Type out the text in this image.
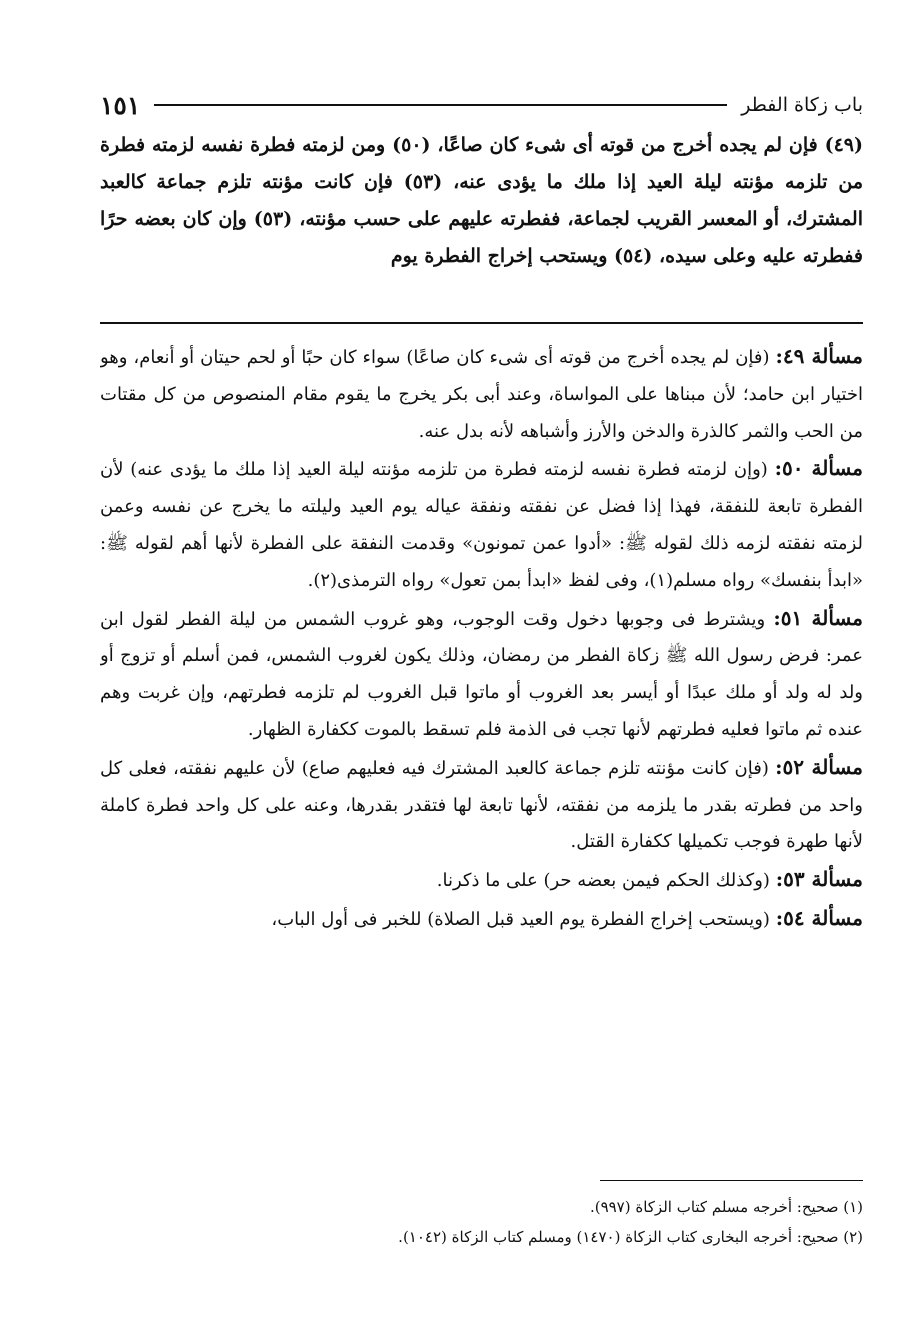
باب زكاة الفطر
١٥١
(٤٩) فإن لم يجده أخرج من قوته أى شىء كان صاعًا، (٥٠) ومن لزمته فطرة نفسه لزمته فطرة من تلزمه مؤنته ليلة العيد إذا ملك ما يؤدى عنه، (٥٣) فإن كانت مؤنته تلزم جماعة كالعبد المشترك، أو المعسر القريب لجماعة، ففطرته عليهم على حسب مؤنته، (٥٣) وإن كان بعضه حرًا ففطرته عليه وعلى سيده، (٥٤) ويستحب إخراج الفطرة يوم

مسألة ٤٩: (فإن لم يجده أخرج من قوته أى شىء كان صاعًا) سواء كان حبًا أو لحم حيتان أو أنعام، وهو اختيار ابن حامد؛ لأن مبناها على المواساة، وعند أبى بكر يخرج ما يقوم مقام المنصوص من كل مقتات من الحب والثمر كالذرة والدخن والأرز وأشباهه لأنه بدل عنه.

مسألة ٥٠: (وإن لزمته فطرة نفسه لزمته فطرة من تلزمه مؤنته ليلة العيد إذا ملك ما يؤدى عنه) لأن الفطرة تابعة للنفقة، فهذا إذا فضل عن نفقته ونفقة عياله يوم العيد وليلته ما يخرج عن نفسه وعمن لزمته نفقته لزمه ذلك لقوله ﷺ: «أدوا عمن تمونون» وقدمت النفقة على الفطرة لأنها أهم لقوله ﷺ: «ابدأ بنفسك» رواه مسلم(١)، وفى لفظ «ابدأ بمن تعول» رواه الترمذى(٢).

مسألة ٥١: ويشترط فى وجوبها دخول وقت الوجوب، وهو غروب الشمس من ليلة الفطر لقول ابن عمر: فرض رسول الله ﷺ زكاة الفطر من رمضان، وذلك يكون لغروب الشمس، فمن أسلم أو تزوج أو ولد له ولد أو ملك عبدًا أو أيسر بعد الغروب أو ماتوا قبل الغروب لم تلزمه فطرتهم، وإن غربت وهم عنده ثم ماتوا فعليه فطرتهم لأنها تجب فى الذمة فلم تسقط بالموت ككفارة الظهار.

مسألة ٥٢: (فإن كانت مؤنته تلزم جماعة كالعبد المشترك فيه فعليهم صاع) لأن عليهم نفقته، فعلى كل واحد من فطرته بقدر ما يلزمه من نفقته، لأنها تابعة لها فتقدر بقدرها، وعنه على كل واحد فطرة كاملة لأنها طهرة فوجب تكميلها ككفارة القتل.

مسألة ٥٣: (وكذلك الحكم فيمن بعضه حر) على ما ذكرنا.

مسألة ٥٤: (ويستحب إخراج الفطرة يوم العيد قبل الصلاة) للخبر فى أول الباب،

(١) صحيح: أخرجه مسلم كتاب الزكاة (٩٩٧).

(٢) صحيح: أخرجه البخارى كتاب الزكاة (١٤٧٠) ومسلم كتاب الزكاة (١٠٤٢).
